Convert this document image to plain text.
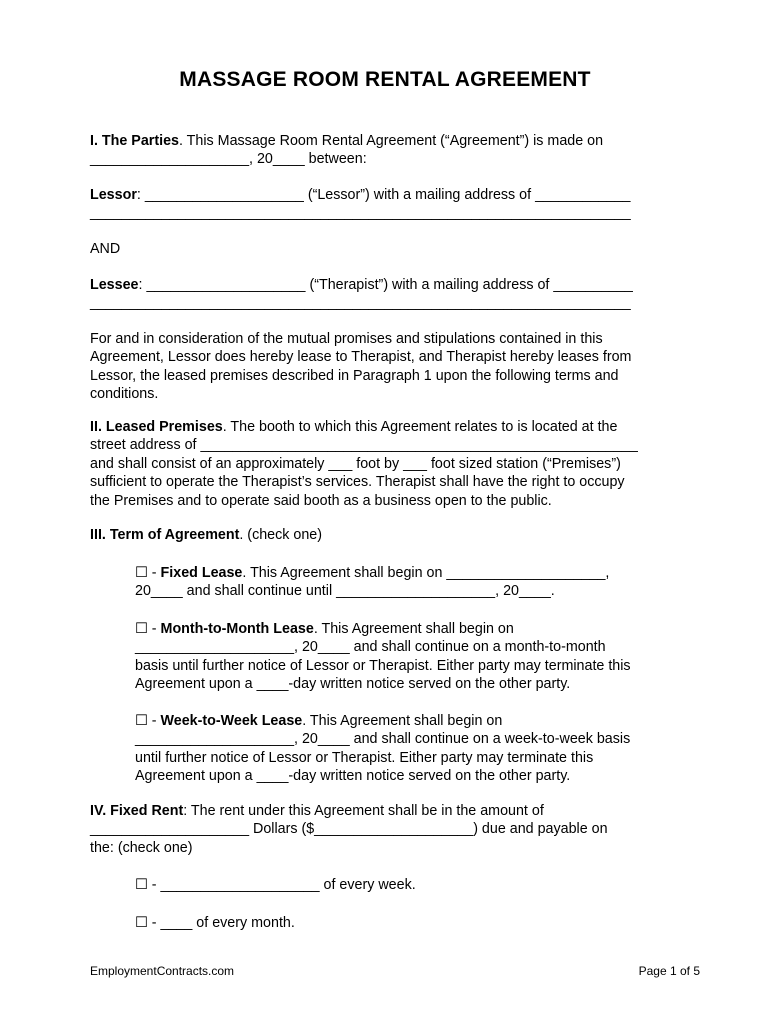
MASSAGE ROOM RENTAL AGREEMENT
I. The Parties. This Massage Room Rental Agreement (“Agreement”) is made on
____________________, 20____ between:
Lessor: ____________________ (“Lessor”) with a mailing address of ____________
____________________________________________________________________
AND
Lessee: ____________________ (“Therapist”) with a mailing address of __________
____________________________________________________________________
For and in consideration of the mutual promises and stipulations contained in this
Agreement, Lessor does hereby lease to Therapist, and Therapist hereby leases from
Lessor, the leased premises described in Paragraph 1 upon the following terms and
conditions.
II. Leased Premises. The booth to which this Agreement relates to is located at the
street address of _______________________________________________________
and shall consist of an approximately ___ foot by ___ foot sized station (“Premises”)
sufficient to operate the Therapist’s services. Therapist shall have the right to occupy
the Premises and to operate said booth as a business open to the public.
III. Term of Agreement. (check one)
☐ - Fixed Lease. This Agreement shall begin on ____________________,
20____ and shall continue until ____________________, 20____.
☐ - Month-to-Month Lease. This Agreement shall begin on
____________________, 20____ and shall continue on a month-to-month
basis until further notice of Lessor or Therapist. Either party may terminate this
Agreement upon a ____-day written notice served on the other party.
☐ - Week-to-Week Lease. This Agreement shall begin on
____________________, 20____ and shall continue on a week-to-week basis
until further notice of Lessor or Therapist. Either party may terminate this
Agreement upon a ____-day written notice served on the other party.
IV. Fixed Rent: The rent under this Agreement shall be in the amount of
____________________ Dollars ($____________________) due and payable on
the: (check one)
☐ - ____________________ of every week.
☐ - ____ of every month.
EmploymentContracts.com	Page 1 of 5
